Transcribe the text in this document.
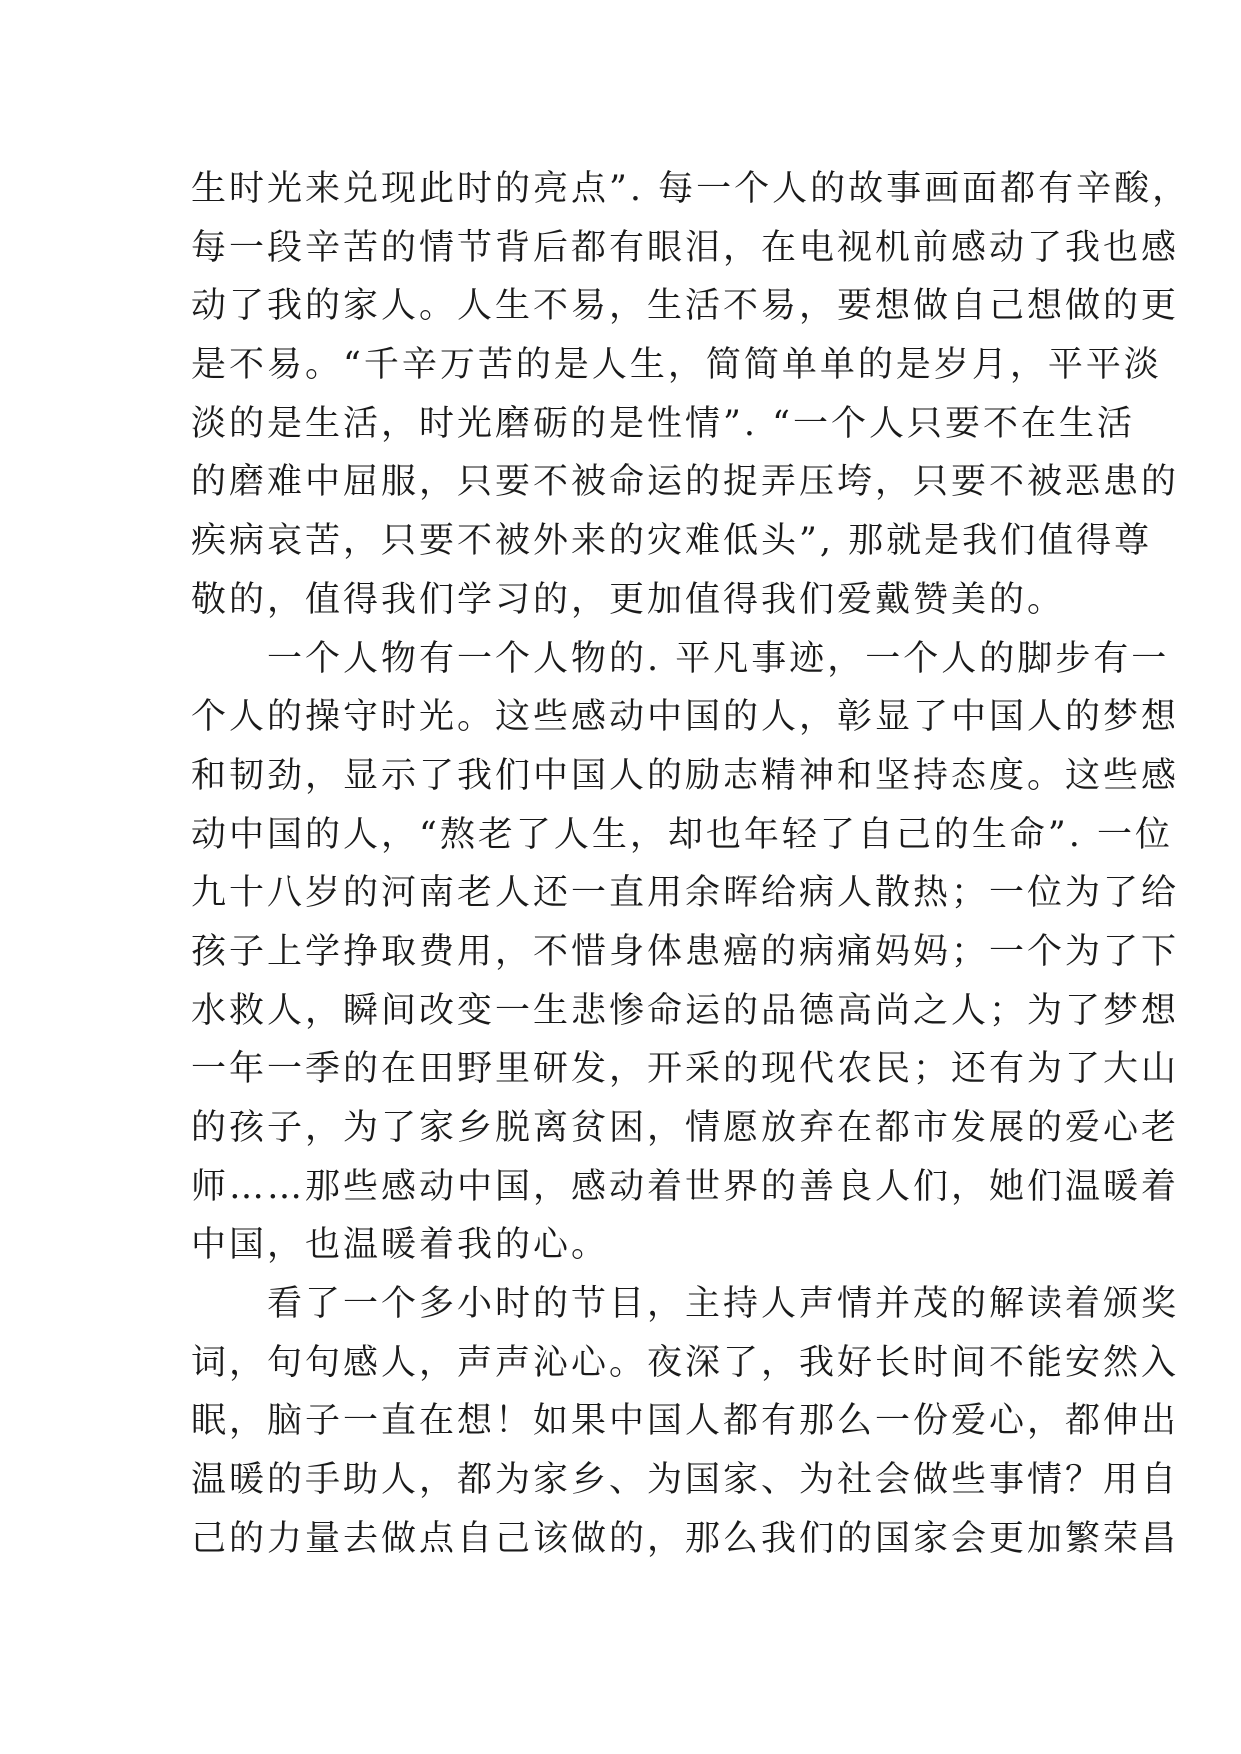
生时光来兑现此时的亮点”. 每一个人的故事画面都有辛酸，
每一段辛苦的情节背后都有眼泪，在电视机前感动了我也感
动了我的家人。人生不易，生活不易，要想做自己想做的更
是不易。“千辛万苦的是人生，简简单单的是岁月，平平淡
淡的是生活，时光磨砺的是性情”. “一个人只要不在生活
的磨难中屈服，只要不被命运的捉弄压垮，只要不被恶患的
疾病哀苦，只要不被外来的灾难低头”, 那就是我们值得尊
敬的，值得我们学习的，更加值得我们爱戴赞美的。
　　一个人物有一个人物的. 平凡事迹，一个人的脚步有一
个人的操守时光。这些感动中国的人，彰显了中国人的梦想
和韧劲，显示了我们中国人的励志精神和坚持态度。这些感
动中国的人，“熬老了人生，却也年轻了自己的生命”. 一位
九十八岁的河南老人还一直用余晖给病人散热；一位为了给
孩子上学挣取费用，不惜身体患癌的病痛妈妈；一个为了下
水救人，瞬间改变一生悲惨命运的品德高尚之人；为了梦想
一年一季的在田野里研发，开采的现代农民；还有为了大山
的孩子，为了家乡脱离贫困，情愿放弃在都市发展的爱心老
师……那些感动中国，感动着世界的善良人们，她们温暖着
中国，也温暖着我的心。
　　看了一个多小时的节目，主持人声情并茂的解读着颁奖
词，句句感人，声声沁心。夜深了，我好长时间不能安然入
眠，脑子一直在想！如果中国人都有那么一份爱心，都伸出
温暖的手助人，都为家乡、为国家、为社会做些事情？用自
己的力量去做点自己该做的，那么我们的国家会更加繁荣昌
